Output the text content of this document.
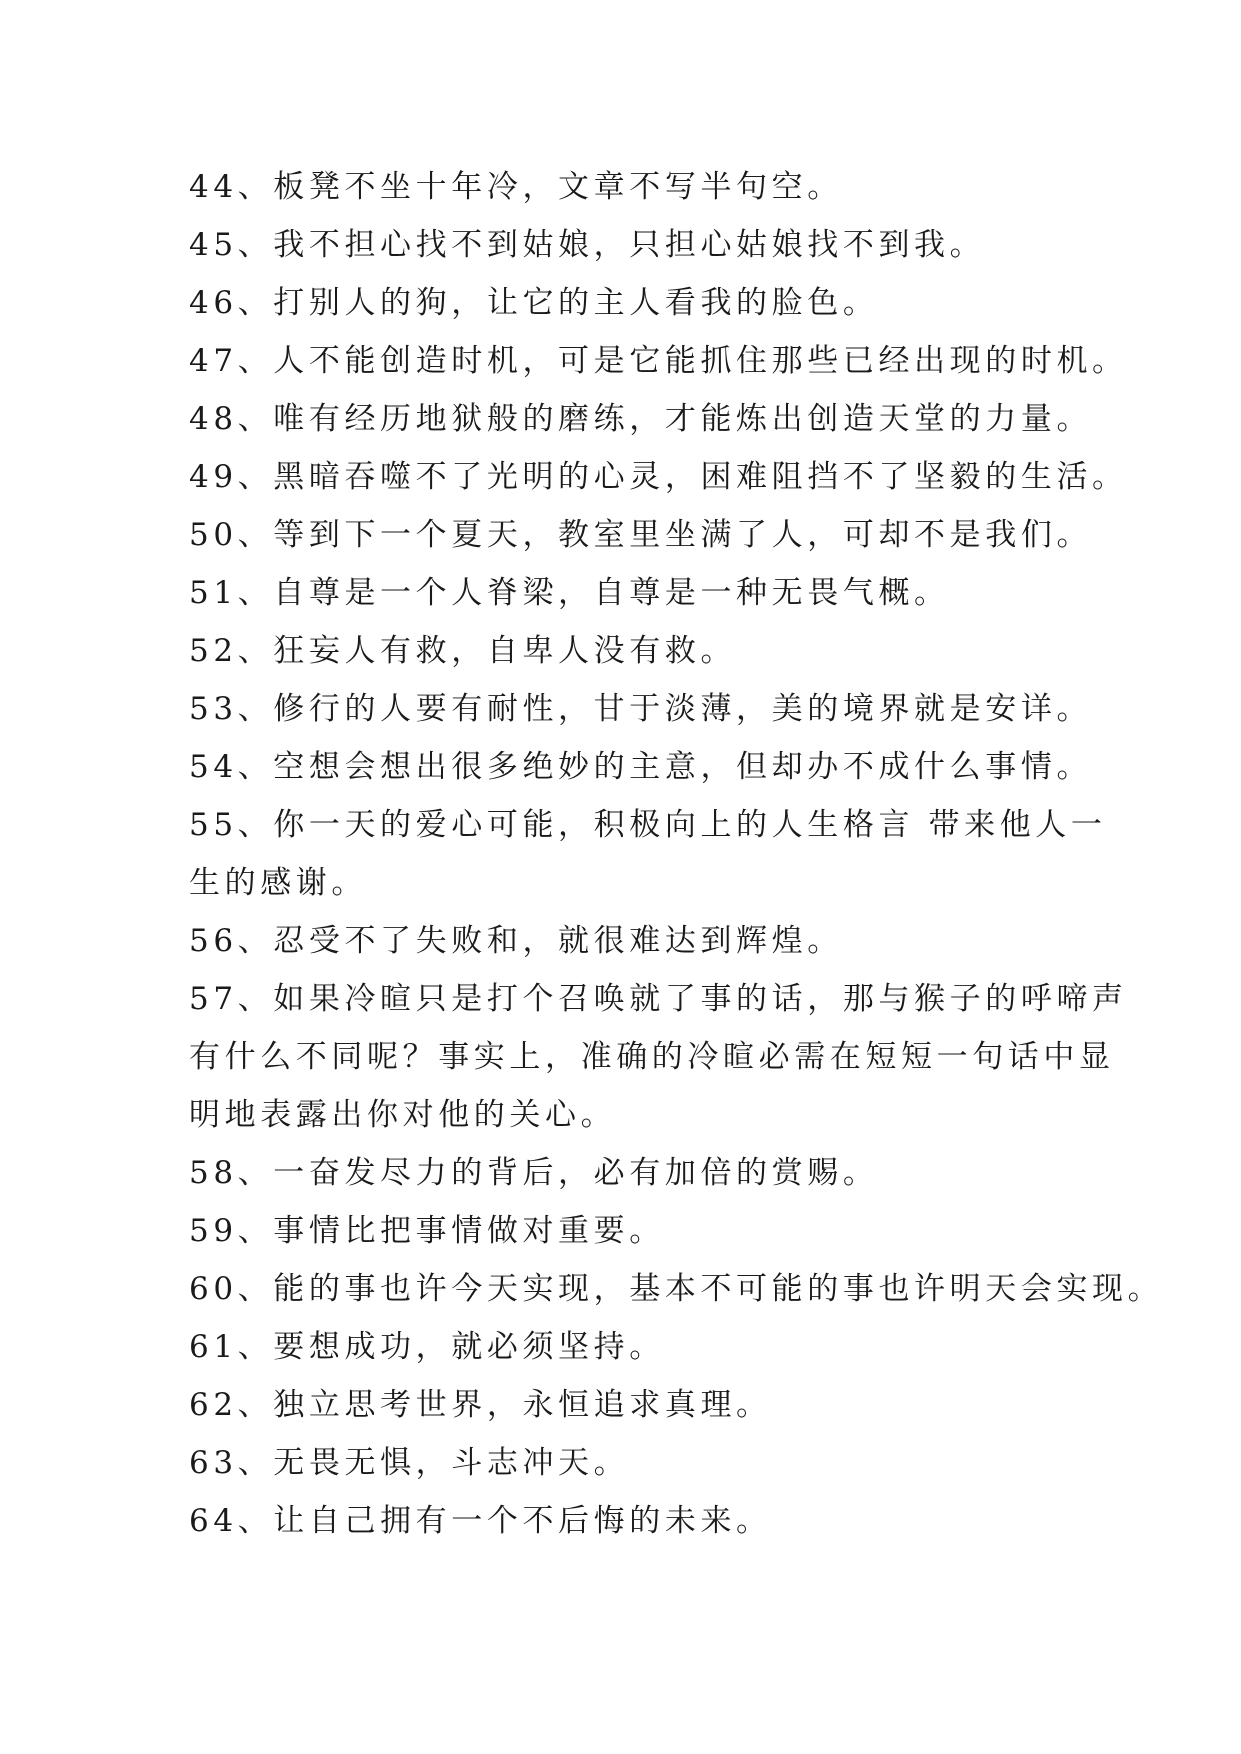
44、板凳不坐十年冷，文章不写半句空。
45、我不担心找不到姑娘，只担心姑娘找不到我。
46、打别人的狗，让它的主人看我的脸色。
47、人不能创造时机，可是它能抓住那些已经出现的时机。
48、唯有经历地狱般的磨练，才能炼出创造天堂的力量。
49、黑暗吞噬不了光明的心灵，困难阻挡不了坚毅的生活。
50、等到下一个夏天，教室里坐满了人，可却不是我们。
51、自尊是一个人脊梁，自尊是一种无畏气概。
52、狂妄人有救，自卑人没有救。
53、修行的人要有耐性，甘于淡薄，美的境界就是安详。
54、空想会想出很多绝妙的主意，但却办不成什么事情。
55、你一天的爱心可能，积极向上的人生格言 带来他人一
生的感谢。
56、忍受不了失败和，就很难达到辉煌。
57、如果冷暄只是打个召唤就了事的话，那与猴子的呼啼声
有什么不同呢？事实上，准确的冷暄必需在短短一句话中显
明地表露出你对他的关心。
58、一奋发尽力的背后，必有加倍的赏赐。
59、事情比把事情做对重要。
60、能的事也许今天实现，基本不可能的事也许明天会实现。
61、要想成功，就必须坚持。
62、独立思考世界，永恒追求真理。
63、无畏无惧，斗志冲天。
64、让自己拥有一个不后悔的未来。
